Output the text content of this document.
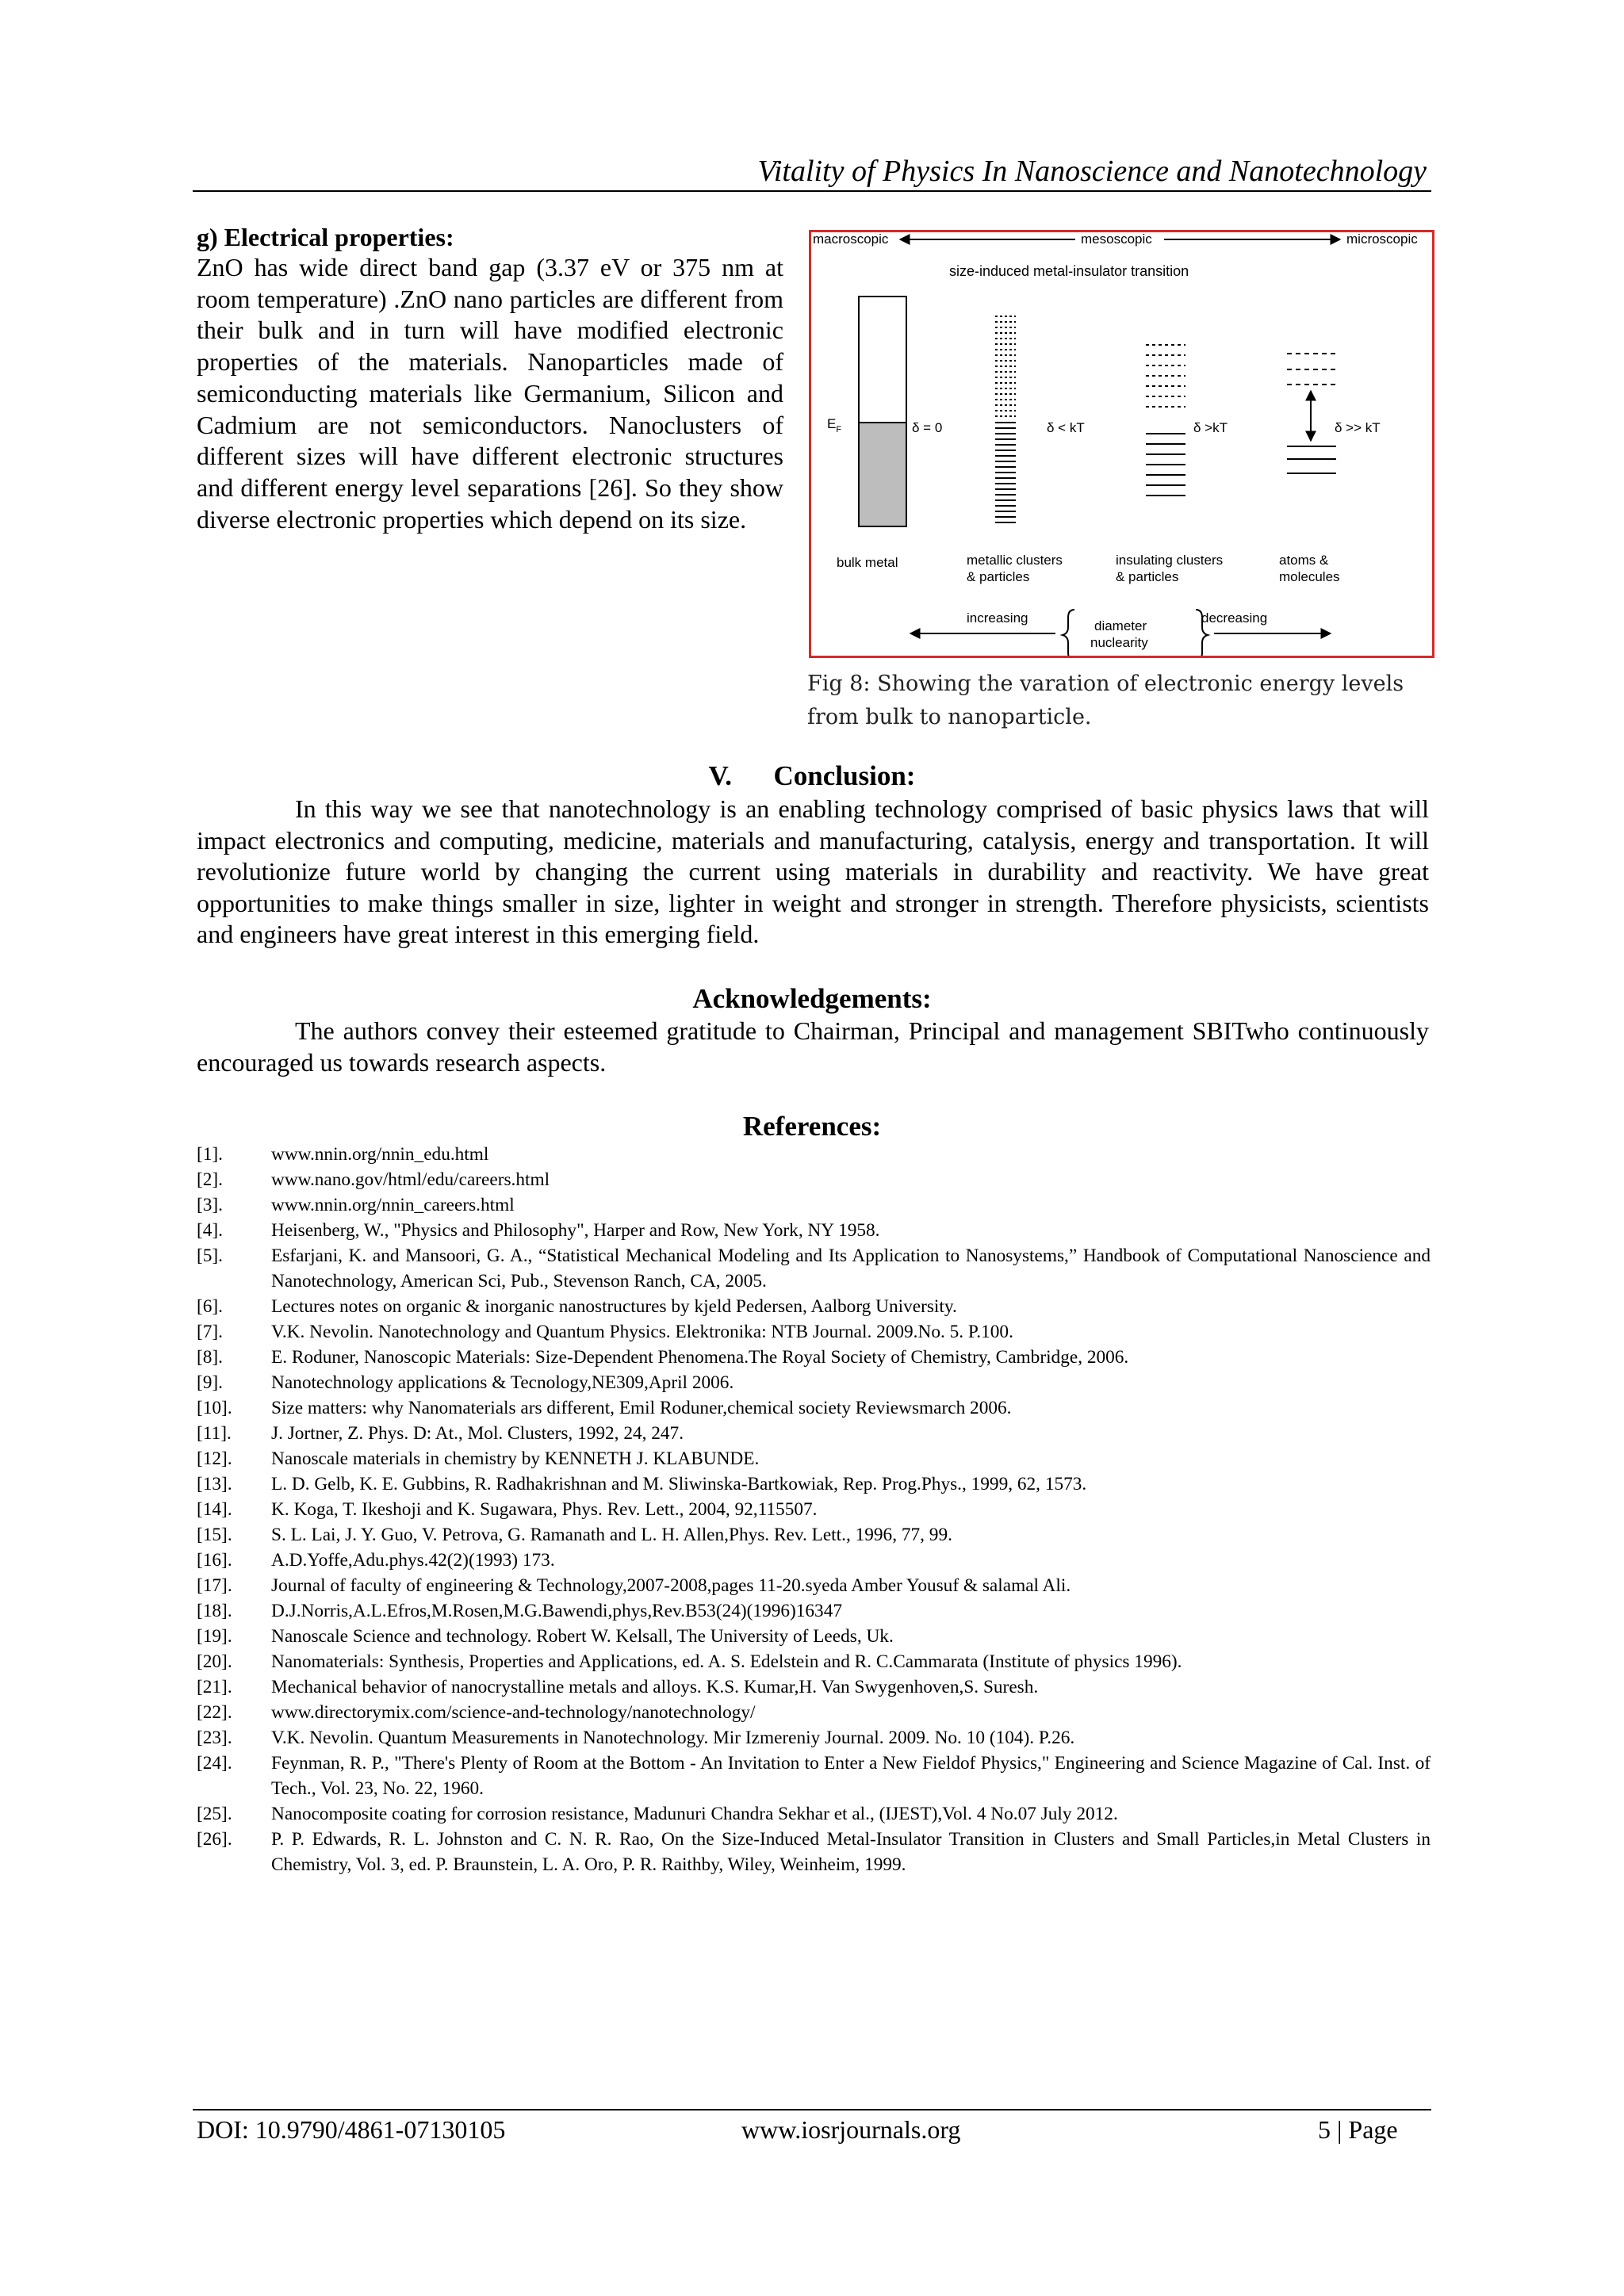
Vitality of Physics In Nanoscience and Nanotechnology
g) Electrical properties:

ZnO has wide direct band gap (3.37 eV or 375 nm at room temperature) .ZnO nano particles are different from their bulk and in turn will have modified electronic properties of the materials. Nanoparticles made of semiconducting materials like Germanium, Silicon and Cadmium are not semiconductors. Nanoclusters of different sizes will have different electronic structures and different energy level separations [26]. So they show diverse electronic properties which depend on its size.

macroscopic	mesoscopic	microscopic
size-induced metal-insulator transition
$E_F$	δ = 0	δ < kT	δ >kT	δ >> kT
bulk metal	metallic clusters
& particles
insulating clusters
& particles
atoms &
molecules
increasing
diameter
nuclearity
decreasing
Fig 8: Showing the varation of electronic energy levels
from bulk to nanoparticle.
V.      Conclusion:

In this way we see that nanotechnology is an enabling technology comprised of basic physics laws that will impact electronics and computing, medicine, materials and manufacturing, catalysis, energy and transportation. It will revolutionize future world by changing the current using materials in durability and reactivity. We have great opportunities to make things smaller in size, lighter in weight and stronger in strength. Therefore physicists, scientists and engineers have great interest in this emerging field.

Acknowledgements:

The authors convey their esteemed gratitude to Chairman, Principal and management SBITwho continuously encouraged us towards research aspects.

References:
[1].	www.nnin.org/nnin_edu.html
[2].	www.nano.gov/html/edu/careers.html
[3].	www.nnin.org/nnin_careers.html
[4].	Heisenberg, W., "Physics and Philosophy", Harper and Row, New York, NY 1958.
[5].	Esfarjani, K. and Mansoori, G. A., “Statistical Mechanical Modeling and Its Application to Nanosystems,” Handbook of Computational Nanoscience and Nanotechnology, American Sci, Pub., Stevenson Ranch, CA, 2005.
[6].	Lectures notes on organic & inorganic nanostructures by kjeld Pedersen, Aalborg University.
[7].	V.K. Nevolin. Nanotechnology and Quantum Physics. Elektronika: NTB Journal. 2009.No. 5. P.100.
[8].	E. Roduner, Nanoscopic Materials: Size-Dependent Phenomena.The Royal Society of Chemistry, Cambridge, 2006.
[9].	Nanotechnology applications & Tecnology,NE309,April 2006.
[10]. Size matters: why Nanomaterials ars different, Emil Roduner,chemical society Reviewsmarch 2006.
[11]. J. Jortner, Z. Phys. D: At., Mol. Clusters, 1992, 24, 247.
[12]. Nanoscale materials in chemistry by KENNETH J. KLABUNDE.
[13]. L. D. Gelb, K. E. Gubbins, R. Radhakrishnan and M. Sliwinska-Bartkowiak, Rep. Prog.Phys., 1999, 62, 1573.
[14]. K. Koga, T. Ikeshoji and K. Sugawara, Phys. Rev. Lett., 2004, 92,115507.
[15]. S. L. Lai, J. Y. Guo, V. Petrova, G. Ramanath and L. H. Allen,Phys. Rev. Lett., 1996, 77, 99.
[16]. A.D.Yoffe,Adu.phys.42(2)(1993) 173.
[17]. Journal of faculty of engineering & Technology,2007-2008,pages 11-20.syeda Amber Yousuf & salamal Ali.
[18]. D.J.Norris,A.L.Efros,M.Rosen,M.G.Bawendi,phys,Rev.B53(24)(1996)16347
[19]. Nanoscale Science and technology. Robert W. Kelsall, The University of Leeds, Uk.
[20]. Nanomaterials: Synthesis, Properties and Applications, ed. A. S. Edelstein and R. C.Cammarata (Institute of physics 1996).
[21]. Mechanical behavior of nanocrystalline metals and alloys. K.S. Kumar,H. Van Swygenhoven,S. Suresh.
[22]. www.directorymix.com/science-and-technology/nanotechnology/
[23]. V.K. Nevolin. Quantum Measurements in Nanotechnology. Mir Izmereniy Journal. 2009. No. 10 (104). P.26.
[24]. Feynman, R. P., "There's Plenty of Room at the Bottom - An Invitation to Enter a New Fieldof Physics," Engineering and Science Magazine of Cal. Inst. of Tech., Vol. 23, No. 22, 1960.
[25]. Nanocomposite coating for corrosion resistance, Madunuri Chandra Sekhar et al., (IJEST),Vol. 4 No.07 July 2012.
[26]. P. P. Edwards, R. L. Johnston and C. N. R. Rao, On the Size-Induced Metal-Insulator Transition in Clusters and Small Particles,in Metal Clusters in Chemistry, Vol. 3, ed. P. Braunstein, L. A. Oro, P. R. Raithby, Wiley, Weinheim, 1999.
DOI: 10.9790/4861-07130105	www.iosrjournals.org	5 | Page
